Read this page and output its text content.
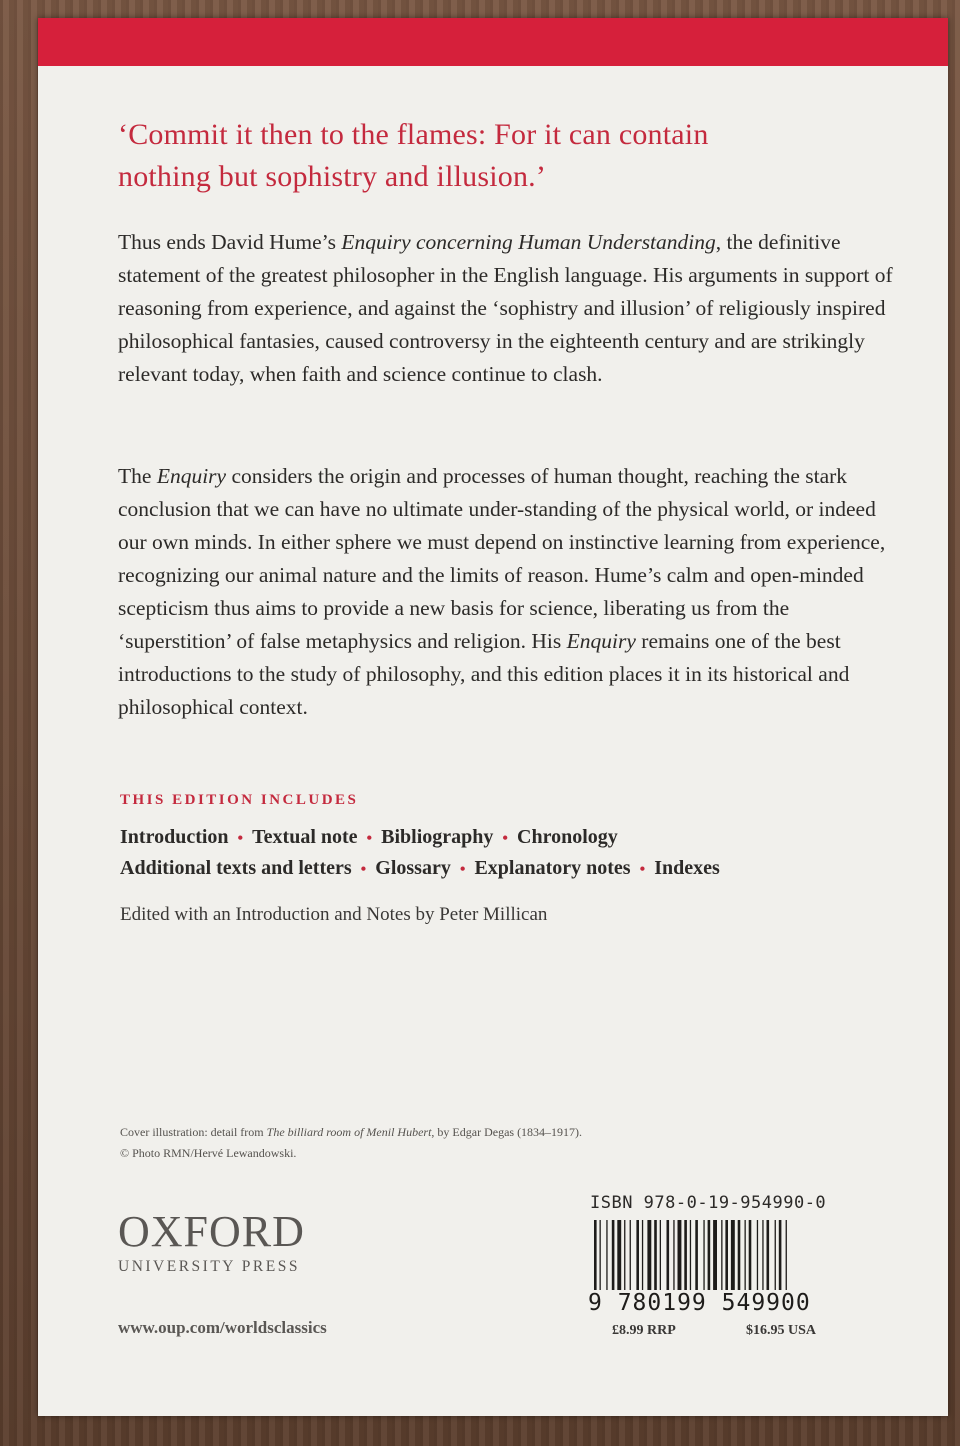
‘Commit it then to the flames: For it can contain
nothing but sophistry and illusion.’

Thus ends David Hume’s Enquiry concerning Human Understanding, the definitive statement of the greatest philosopher in the English language. His arguments in support of reasoning from experience, and against the ‘sophistry and illusion’ of religiously inspired philosophical fantasies, caused controversy in the eighteenth century and are strikingly relevant today, when faith and science continue to clash.

The Enquiry considers the origin and processes of human thought, reaching the stark conclusion that we can have no ultimate under-standing of the physical world, or indeed our own minds. In either sphere we must depend on instinctive learning from experience, recognizing our animal nature and the limits of reason. Hume’s calm and open-minded scepticism thus aims to provide a new basis for science, liberating us from the ‘superstition’ of false metaphysics and religion. His Enquiry remains one of the best introductions to the study of philosophy, and this edition places it in its historical and philosophical context.

THIS EDITION INCLUDES
Introduction • Textual note • Bibliography • Chronology
Additional texts and letters • Glossary • Explanatory notes • Indexes
Edited with an Introduction and Notes by Peter Millican
Cover illustration: detail from The billiard room of Menil Hubert, by Edgar Degas (1834–1917).
© Photo RMN/Hervé Lewandowski.
OXFORD
UNIVERSITY PRESS
www.oup.com/worldsclassics
ISBN 978-0-19-954990-0
9 780199 549900
£8.99 RRP	$16.95 USA
